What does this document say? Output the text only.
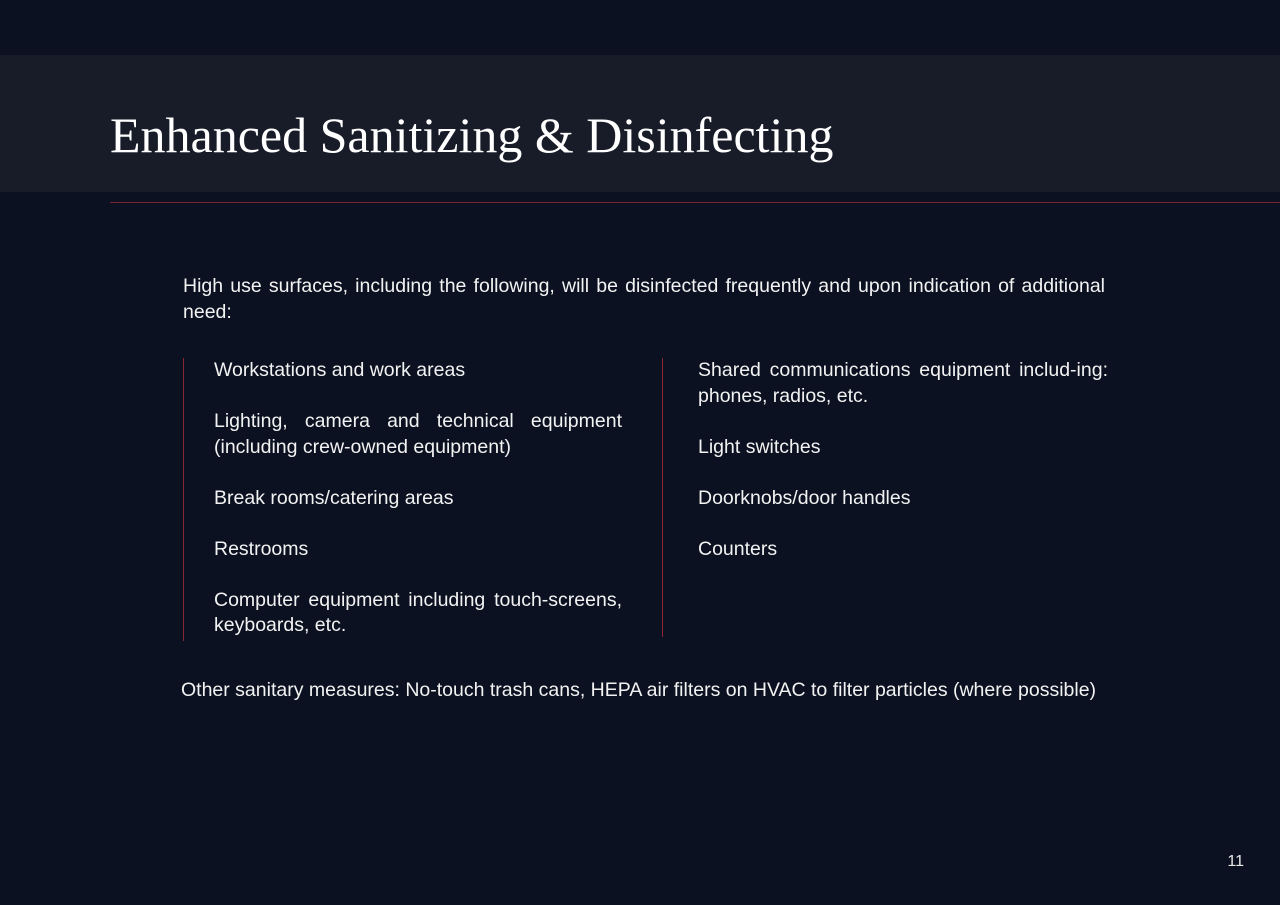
Enhanced Sanitizing & Disinfecting

High use surfaces, including the following, will be disinfected frequently and upon indication of additional need:

Workstations and work areas
Lighting, camera and technical equipment (including crew-owned equipment)
Break rooms/catering areas
Restrooms
Computer equipment including touch-screens, keyboards, etc.
Shared communications equipment includ-ing: phones, radios, etc.
Light switches
Doorknobs/door handles
Counters

Other sanitary measures: No-touch trash cans, HEPA air filters on HVAC to filter particles (where possible)

11
